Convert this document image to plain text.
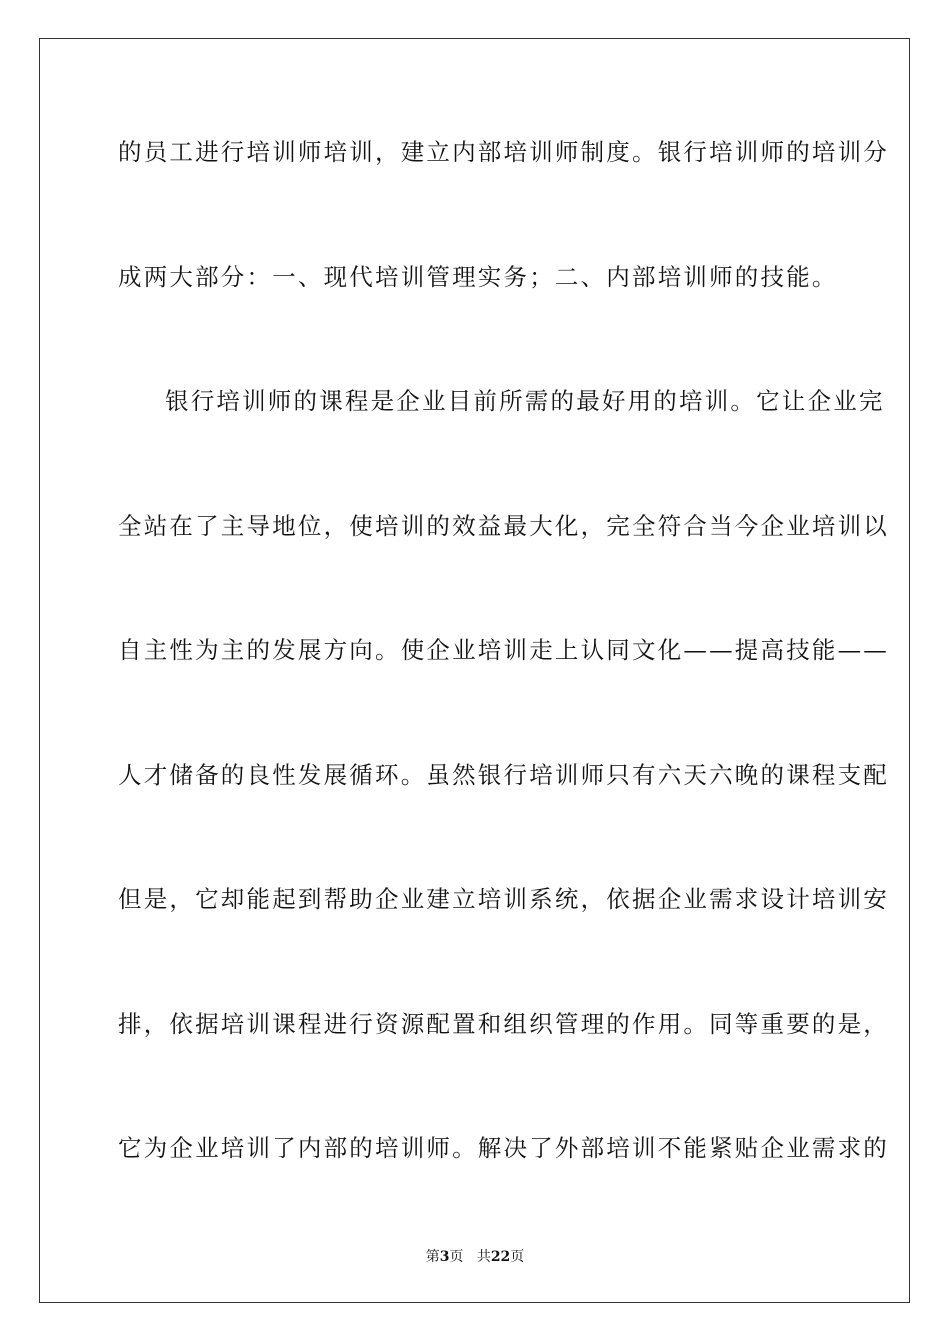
的员工进行培训师培训，建立内部培训师制度。银行培训师的培训分
成两大部分：一、现代培训管理实务；二、内部培训师的技能。
银行培训师的课程是企业目前所需的最好用的培训。它让企业完
全站在了主导地位，使培训的效益最大化，完全符合当今企业培训以
自主性为主的发展方向。使企业培训走上认同文化——提高技能——
人才储备的良性发展循环。虽然银行培训师只有六天六晚的课程支配
但是，它却能起到帮助企业建立培训系统，依据企业需求设计培训安
排，依据培训课程进行资源配置和组织管理的作用。同等重要的是，
它为企业培训了内部的培训师。解决了外部培训不能紧贴企业需求的
第3页 共22页
